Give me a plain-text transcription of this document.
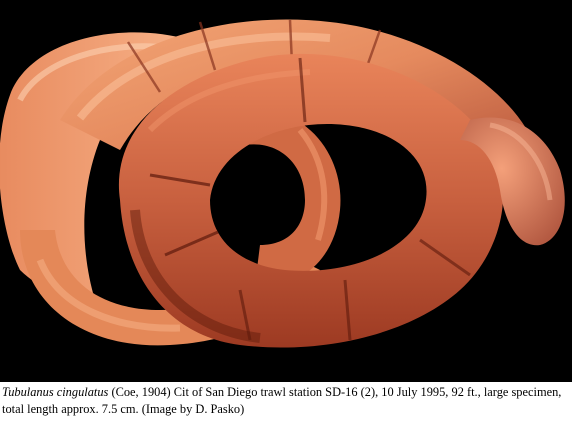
Tubulanus cingulatus (Coe, 1904) Cit of San Diego trawl station SD-16 (2), 10 July 1995, 92 ft., large specimen, total length approx. 7.5 cm. (Image by D. Pasko)
